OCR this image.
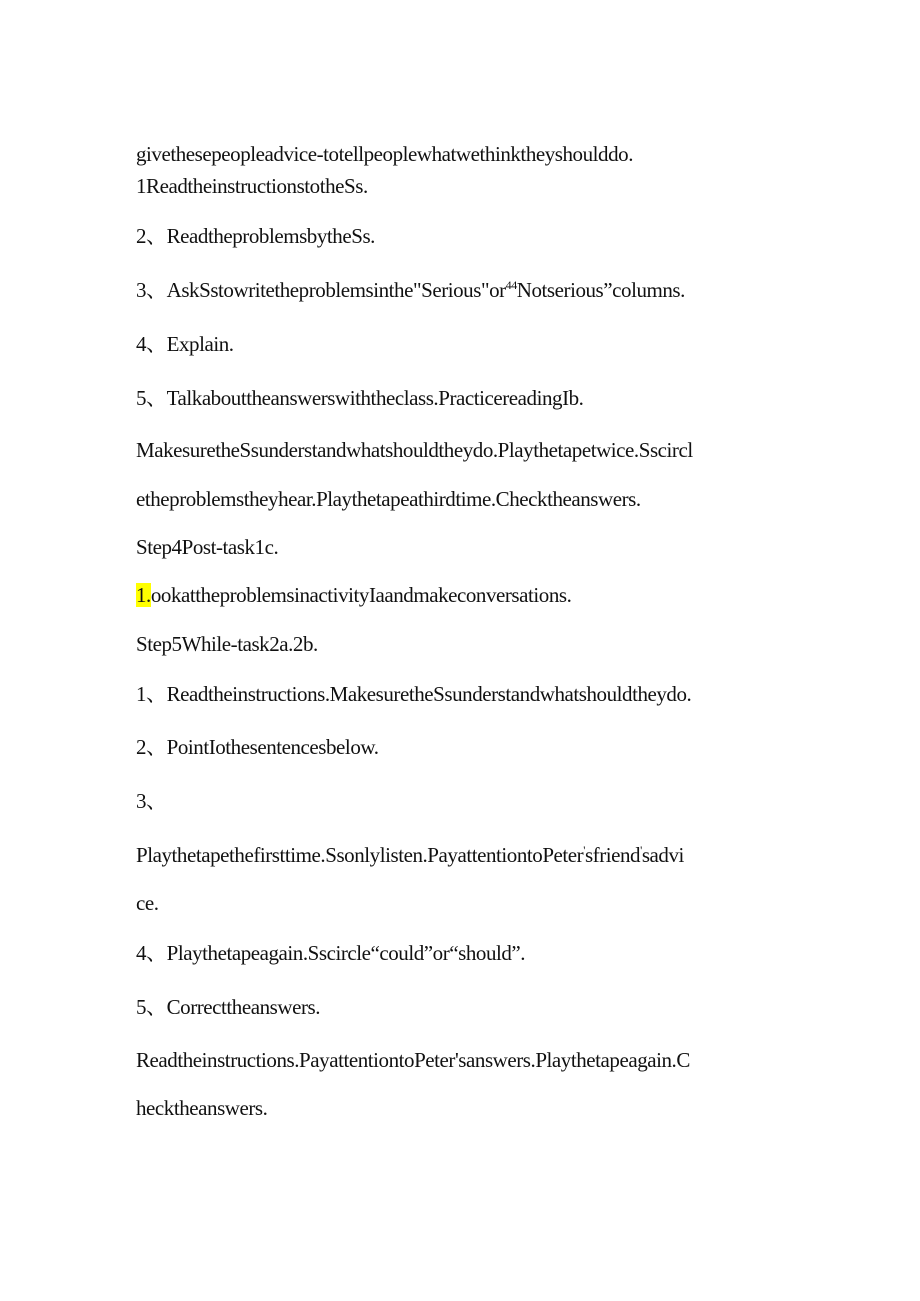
givethesepeopleadvice-totellpeoplewhatwethinktheyshoulddo.
1ReadtheinstructionstotheSs.
2、ReadtheproblemsbytheSs.
3、$AskSstowritetheproblemsinthe"Serious"or^{44}Notserious”columns$.
4、Explain.
5、Talkabouttheanswerswiththeclass.PracticereadingIb.
MakesuretheSsunderstandwhatshouldtheydo.Playthetapetwice.Sscircl
etheproblemstheyhear.Playthetapeathirdtime.Checktheanswers.
Step4Post-task1c.
1.ookattheproblemsinactivityIaandmakeconversations.
Step5While-task2a.2b.
1、Readtheinstructions.MakesuretheSsunderstandwhatshouldtheydo.
2、PointIothesentencesbelow.
3、
Playthetapethefirsttime.Ssonlylisten.PayattentiontoPeter'sfriend'sadvi
ce.
4、Playthetapeagain.Sscircle“could”or“should”.
5、Correcttheanswers.
Readtheinstructions.PayattentiontoPeter'sanswers.Playthetapeagain.C
hecktheanswers.
